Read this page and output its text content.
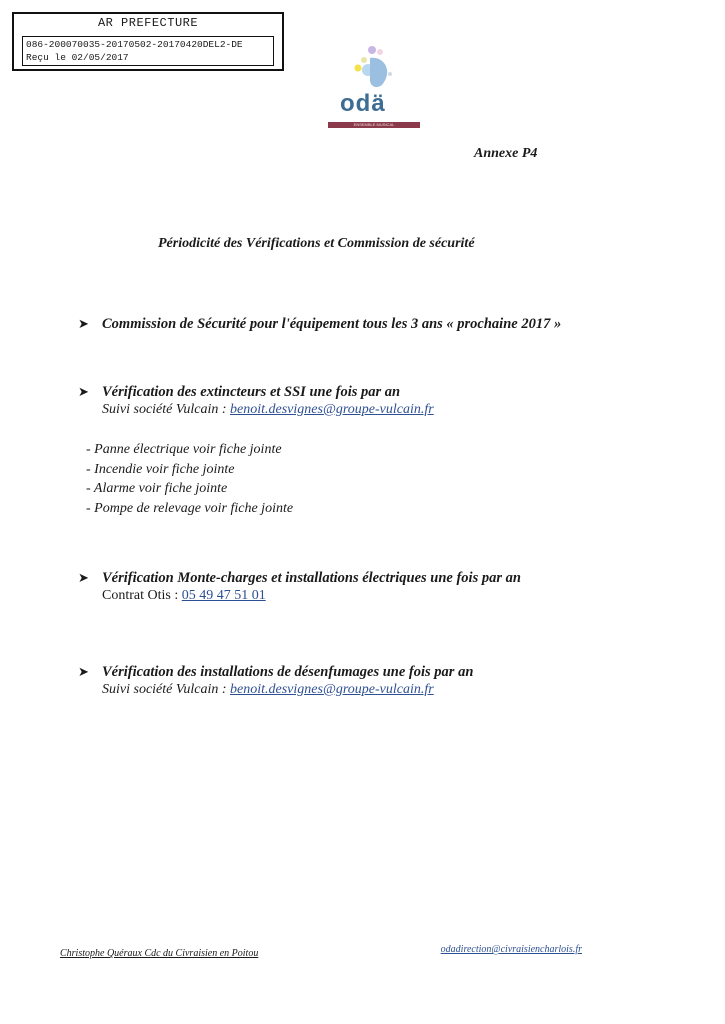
AR PREFECTURE
086-200070035-20170502-20170420DEL2-DE
Reçu le 02/05/2017
odä
ENSEMBLE MUSICAL
Annexe P4
Périodicité des Vérifications et Commission de sécurité
➤ Commission de Sécurité pour l'équipement tous les 3 ans « prochaine 2017 »
➤ Vérification des extincteurs et SSI une fois par an
Suivi société Vulcain : benoit.desvignes@groupe-vulcain.fr
- Panne électrique voir fiche jointe
- Incendie voir fiche jointe
- Alarme voir fiche jointe
- Pompe de relevage voir fiche jointe
➤ Vérification Monte-charges et installations électriques une fois par an
Contrat Otis : 05 49 47 51 01
➤ Vérification des installations de désenfumages une fois par an
Suivi société Vulcain : benoit.desvignes@groupe-vulcain.fr
Christophe Quéraux Cdc du Civraisien en Poitou	odadirection@civraisiencharlois.fr
